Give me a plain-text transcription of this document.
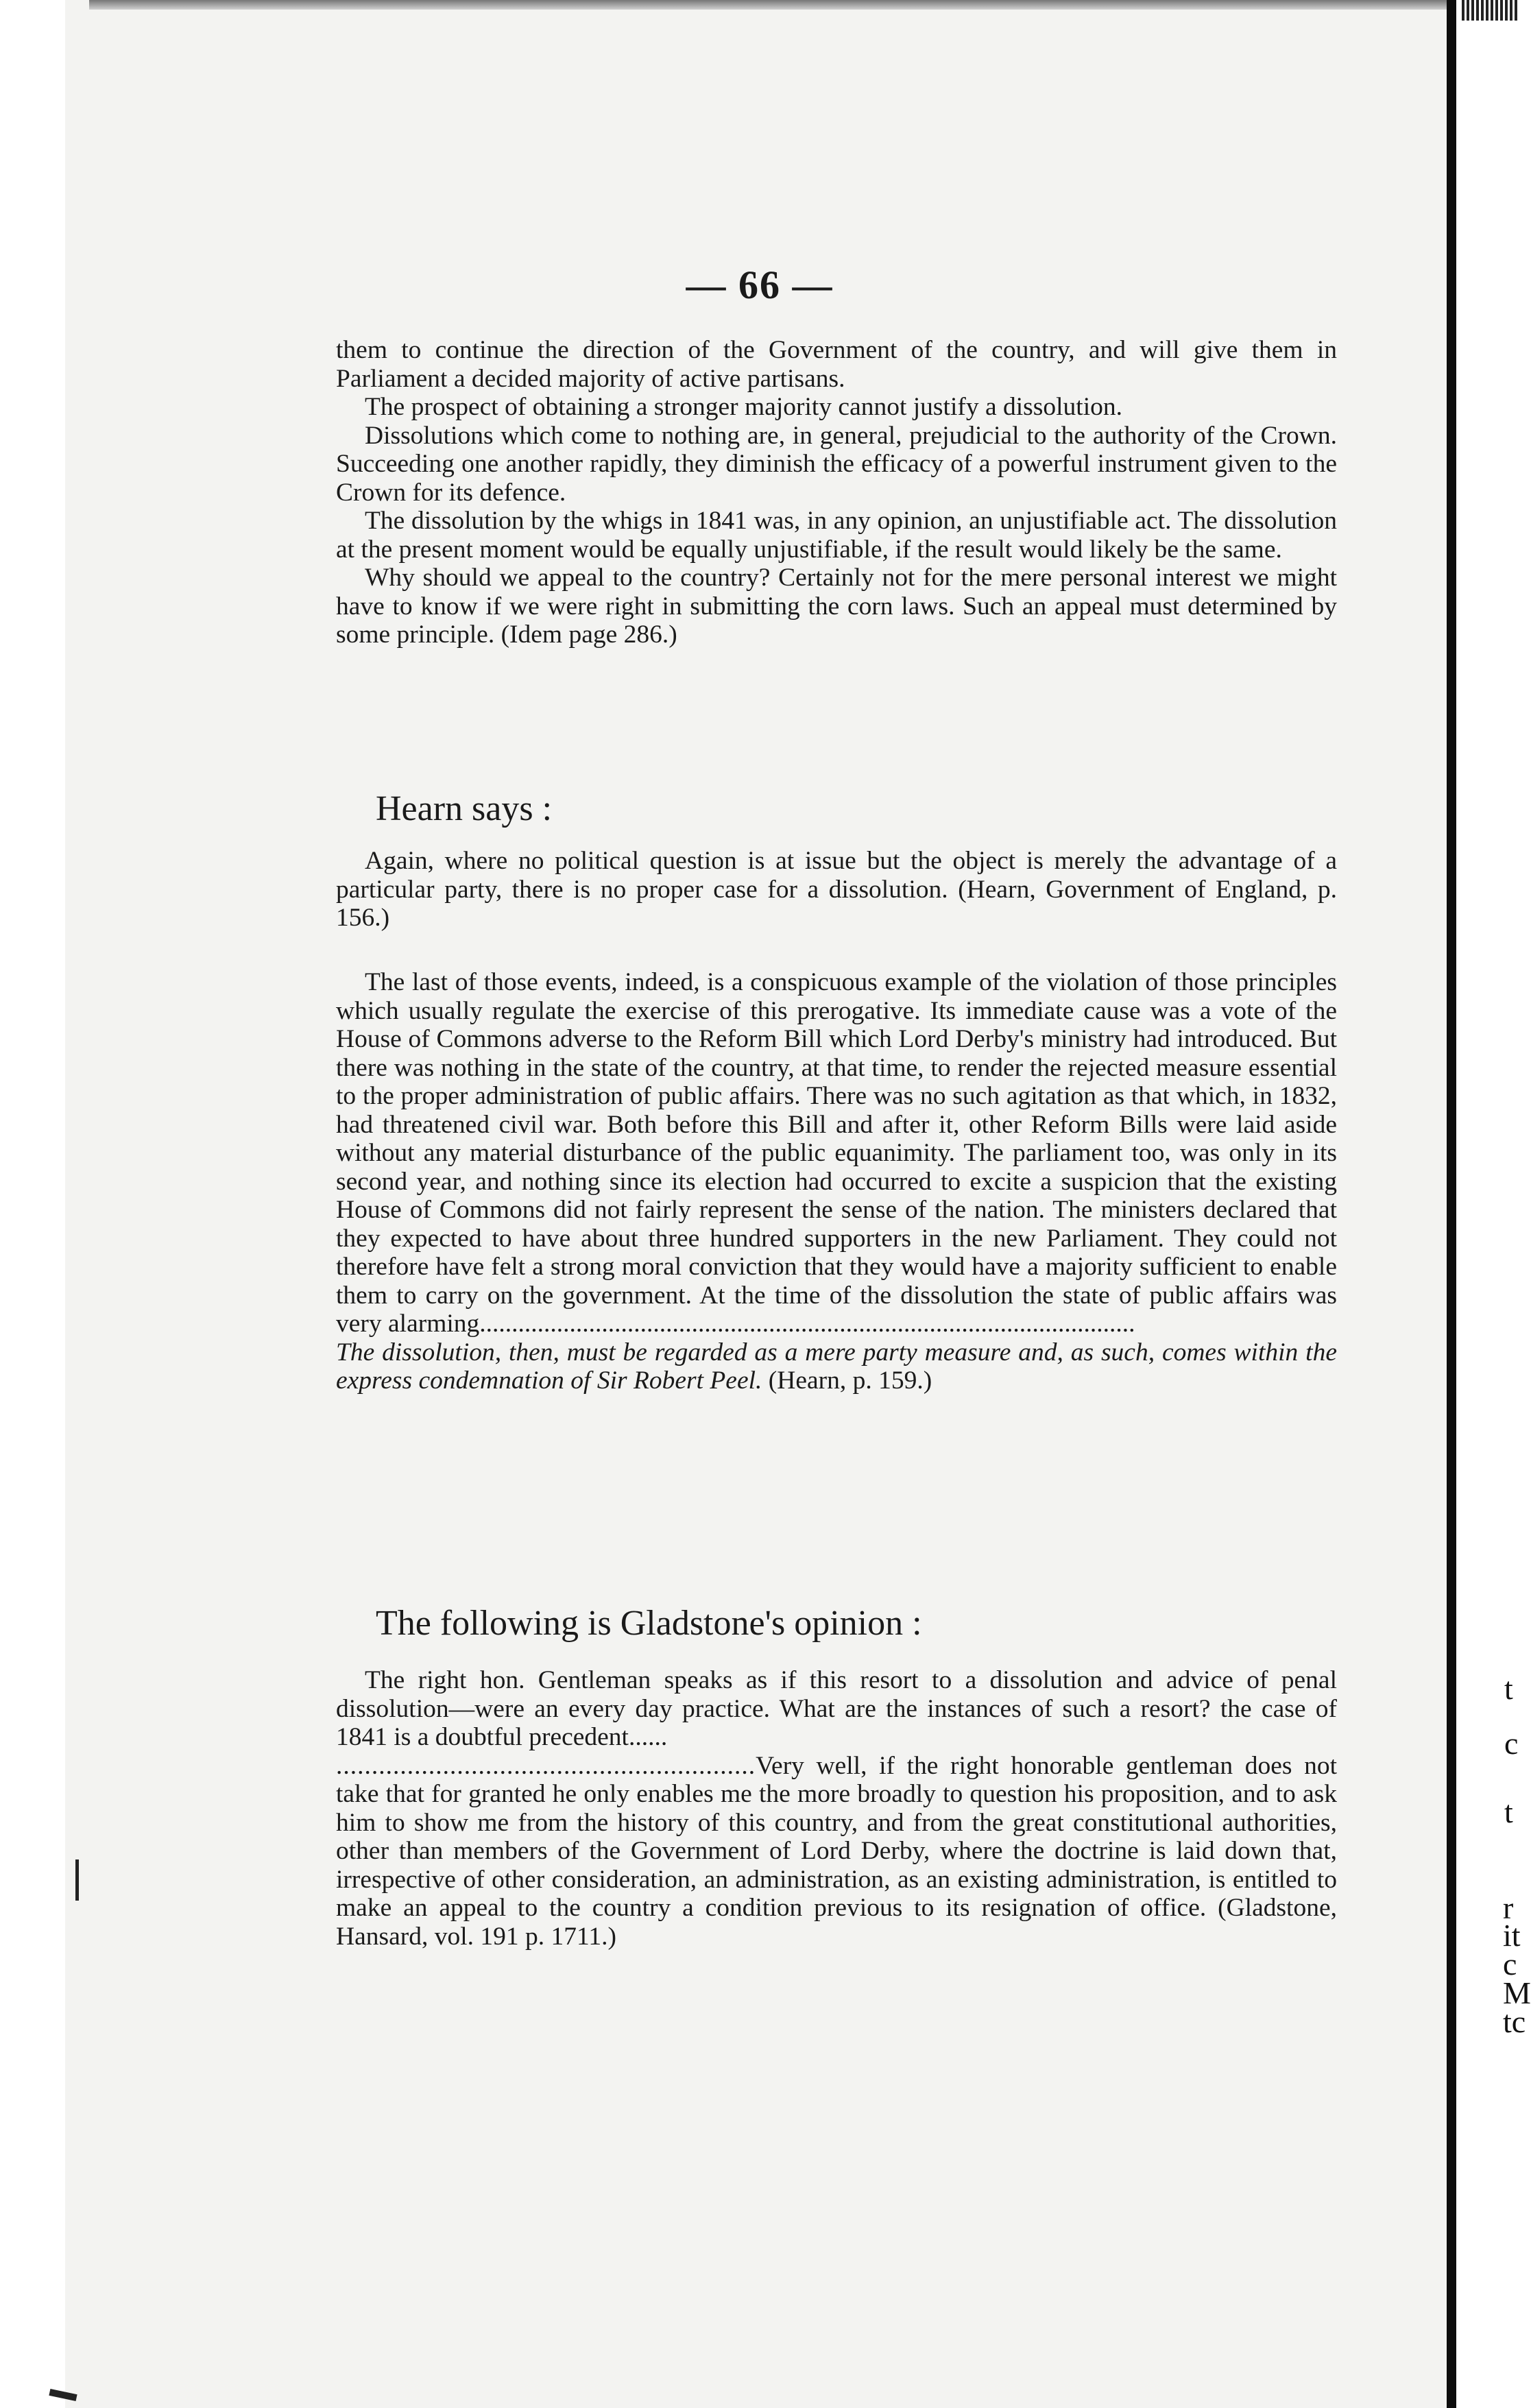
t
c
t
r
it
c
M
tc
— 66 —

them to continue the direction of the Government of the country, and will give them in Parliament a decided majority of active partisans.

The prospect of obtaining a stronger majority cannot justify a dissolution.

Dissolutions which come to nothing are, in general, prejudicial to the authority of the Crown. Succeeding one another rapidly, they diminish the efficacy of a powerful instrument given to the Crown for its defence.

The dissolution by the whigs in 1841 was, in any opinion, an unjustifiable act. The dissolution at the present moment would be equally unjustifiable, if the result would likely be the same.

Why should we appeal to the country? Certainly not for the mere personal interest we might have to know if we were right in submitting the corn laws. Such an appeal must determined by some principle. (Idem page 286.)

Hearn says :

Again, where no political question is at issue but the object is merely the advantage of a particular party, there is no proper case for a dissolution. (Hearn, Government of England, p. 156.)

The last of those events, indeed, is a conspicuous example of the violation of those principles which usually regulate the exercise of this prerogative. Its immediate cause was a vote of the House of Commons adverse to the Reform Bill which Lord Derby's ministry had introduced. But there was nothing in the state of the country, at that time, to render the rejected measure essential to the proper administration of public affairs. There was no such agitation as that which, in 1832, had threatened civil war. Both before this Bill and after it, other Reform Bills were laid aside without any material disturbance of the public equanimity. The parliament too, was only in its second year, and nothing since its election had occurred to excite a suspicion that the existing House of Commons did not fairly represent the sense of the nation. The ministers declared that they expected to have about three hundred supporters in the new Parliament. They could not therefore have felt a strong moral conviction that they would have a majority sufficient to enable them to carry on the government. At the time of the dissolution the state of public affairs was very alarming......................................................................................................

The dissolution, then, must be regarded as a mere party measure and, as such, comes within the express condemnation of Sir Robert Peel. (Hearn, p. 159.)

The following is Gladstone's opinion :

The right hon. Gentleman speaks as if this resort to a dissolution and advice of penal dissolution—were an every day practice. What are the instances of such a resort? the case of 1841 is a doubtful precedent......

...........................................................Very well, if the right honorable gentleman does not take that for granted he only enables me the more broadly to question his proposition, and to ask him to show me from the history of this country, and from the great constitutional authorities, other than members of the Government of Lord Derby, where the doctrine is laid down that, irrespective of other consideration, an administration, as an existing administration, is entitled to make an appeal to the country a condition previous to its resignation of office. (Gladstone, Hansard, vol. 191 p. 1711.)
